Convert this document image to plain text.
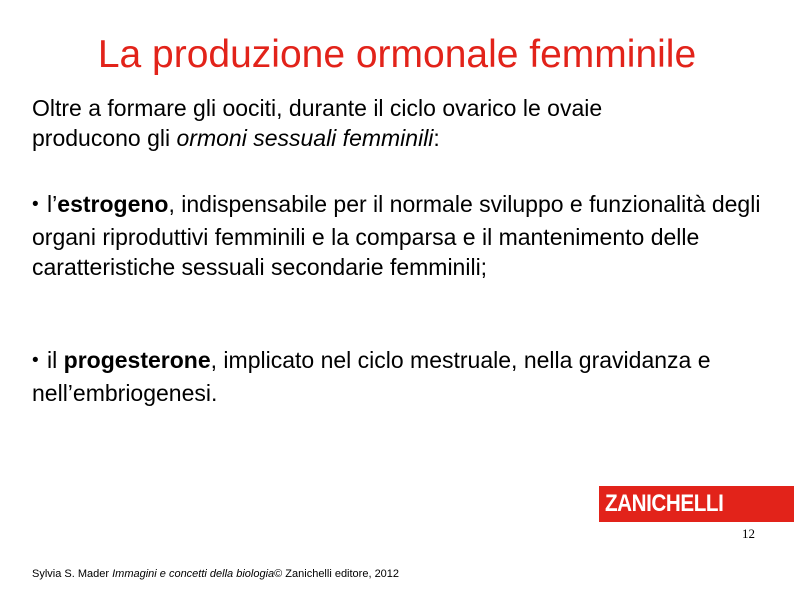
La produzione ormonale femminile
Oltre a formare gli oociti, durante il ciclo ovarico le ovaie
producono gli ormoni sessuali femminili:
• l’estrogeno, indispensabile per il normale sviluppo e funzionalità degli organi riproduttivi femminili e la comparsa e il mantenimento delle caratteristiche sessuali secondarie femminili;
• il progesterone, implicato nel ciclo mestruale, nella gravidanza e nell’embriogenesi.
ZANICHELLI
12
Sylvia S. Mader Immagini e concetti della biologia© Zanichelli editore, 2012
